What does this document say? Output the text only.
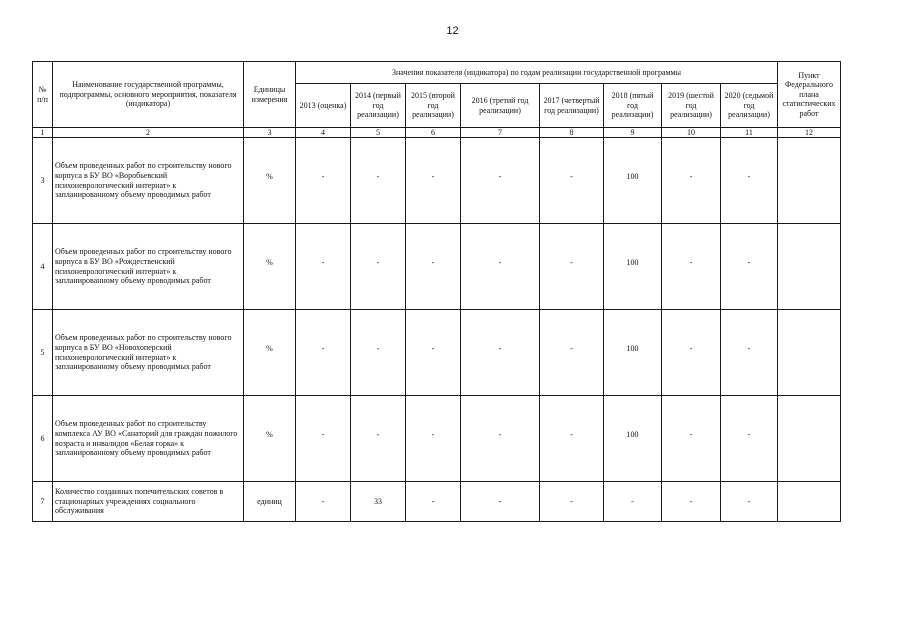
12
№ п/п	Наименование государственной программы, подпрограммы, основного мероприятия, показателя (индикатора)	Единицы измерения	Значения показателя (индикатора) по годам реализации государственной программы								Пункт Федерального плана статистических работ
			2013 (оценка)	2014 (первый год реализации)	2015 (второй год реализации)	2016 (третий год реализации)	2017 (четвертый год реализации)	2018 (пятый год реализации)	2019 (шестой год реализации)	2020 (седьмой год реализации)	
1	2	3	4	5	6	7	8	9	10	11	12
3	Объем проведенных работ по строительству нового корпуса в БУ ВО «Воробьевский психоневрологический интернат» к запланированному объему проводимых работ	%	-	-	-	-	-	100	-	-	
4	Объем проведенных работ по строительству нового корпуса в БУ ВО «Рождественский психоневрологический интернат» к запланированному объему проводимых работ	%	-	-	-	-	-	100	-	-	
5	Объем проведенных работ по строительству нового корпуса в БУ ВО «Новохоперский психоневрологический интернат» к запланированному объему проводимых работ	%	-	-	-	-	-	100	-	-	
6	Объем проведенных работ по строительству комплекса АУ ВО «Санаторий для граждан пожилого возраста и инвалидов «Белая горка» к запланированному объему проводимых работ	%	-	-	-	-	-	100	-	-	
7	Количество созданных попечительских советов в стационарных учреждениях социального обслуживания	единиц	-	33	-	-	-	-	-	-	
